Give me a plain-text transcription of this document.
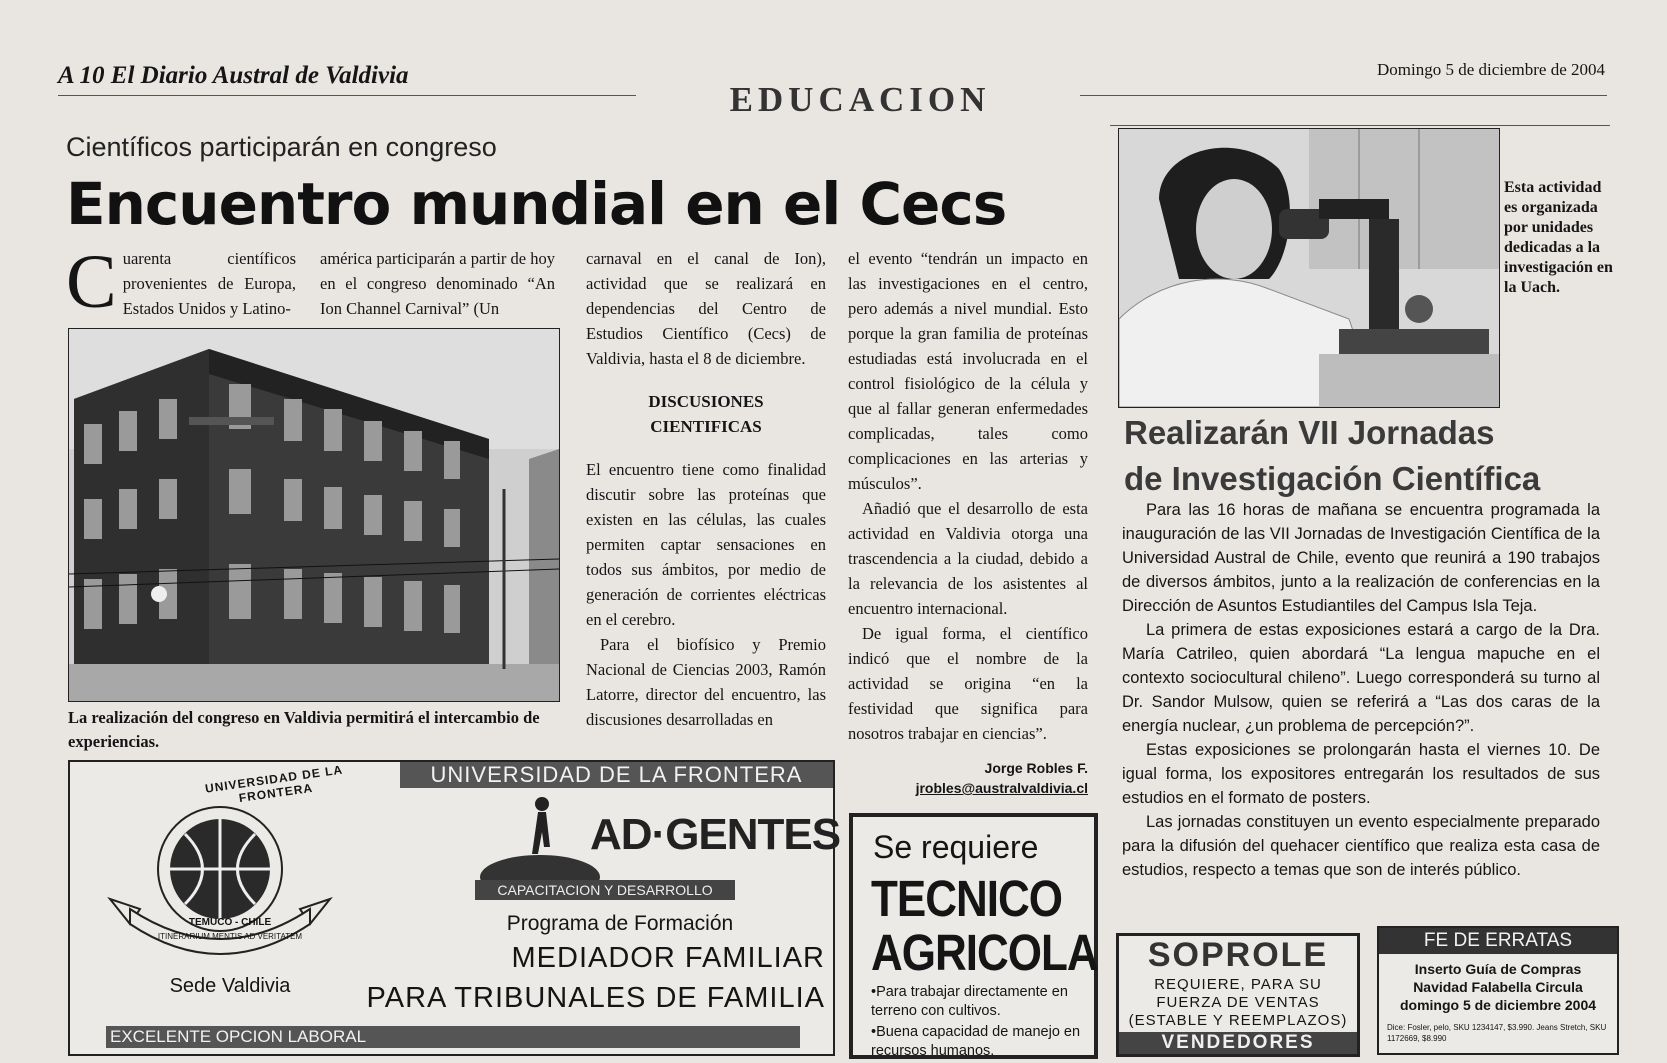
A 10 El Diario Austral de Valdivia	Domingo 5 de diciembre de 2004
EDUCACION
Científicos participarán en congreso
Encuentro mundial en el Cecs
C uarenta científicos provenientes de Europa, Estados Unidos y Latino-

américa participarán a partir de hoy en el congreso denominado “An Ion Channel Carnival” (Un

La realización del congreso en Valdivia permitirá el intercambio de experiencias.

carnaval en el canal de Ion), actividad que se realizará en dependencias del Centro de Estudios Científico (Cecs) de Valdivia, hasta el 8 de diciembre.

DISCUSIONES
CIENTIFICAS

El encuentro tiene como finalidad discutir sobre las proteínas que existen en las células, las cuales permiten captar sensaciones en todos sus ámbitos, por medio de generación de corrientes eléctricas en el cerebro.

Para el biofísico y Premio Nacional de Ciencias 2003, Ramón Latorre, director del encuentro, las discusiones desarrolladas en

el evento “tendrán un impacto en las investigaciones en el centro, pero además a nivel mundial. Esto porque la gran familia de proteínas estudiadas está involucrada en el control fisiológico de la célula y que al fallar generan enfermedades complicadas, tales como complicaciones en las arterias y músculos”.

Añadió que el desarrollo de esta actividad en Valdivia otorga una trascendencia a la ciudad, debido a la relevancia de los asistentes al encuentro internacional.

De igual forma, el científico indicó que el nombre de la actividad se origina “en la festividad que significa para nosotros trabajar en ciencias”.

Jorge Robles F.
jrobles@australvaldivia.cl
Esta actividad es organizada por unidades dedicadas a la investigación en la Uach.
Realizarán VII Jornadas
de Investigación Científica

Para las 16 horas de mañana se encuentra programada la inauguración de las VII Jornadas de Investigación Científica de la Universidad Austral de Chile, evento que reunirá a 190 trabajos de diversos ámbitos, junto a la realización de conferencias en la Dirección de Asuntos Estudiantiles del Campus Isla Teja.

La primera de estas exposiciones estará a cargo de la Dra. María Catrileo, quien abordará “La lengua mapuche en el contexto sociocultural chileno”. Luego corresponderá su turno al Dr. Sandor Mulsow, quien se referirá a “Las dos caras de la energía nuclear, ¿un problema de percepción?”.

Estas exposiciones se prolongarán hasta el viernes 10. De igual forma, los expositores entregarán los resultados de sus estudios en el formato de posters.

Las jornadas constituyen un evento especialmente preparado para la difusión del quehacer científico que realiza esta casa de estudios, respecto a temas que son de interés público.

UNIVERSIDAD DE LA FRONTERA
UNIVERSIDAD DE LA FRONTERA
TEMUCO - CHILE
ITINERARIUM MENTIS AD VERITATEM
Sede Valdivia
AD·GENTES
CAPACITACION Y DESARROLLO
Programa de Formación
MEDIADOR FAMILIAR
PARA TRIBUNALES DE FAMILIA
EXCELENTE OPCION LABORAL
Se requiere
TECNICO
AGRICOLA
•Para trabajar directamente en terreno con cultivos.
•Buena capacidad de manejo en recursos humanos.
SOPROLE
REQUIERE, PARA SU
FUERZA DE VENTAS
(ESTABLE Y REEMPLAZOS)
VENDEDORES
FE DE ERRATAS
Inserto Guía de Compras
Navidad Falabella Circula
domingo 5 de diciembre 2004
Dice: Fosler, pelo, SKU 1234147, $3.990. Jeans Stretch, SKU
1172669, $8.990
